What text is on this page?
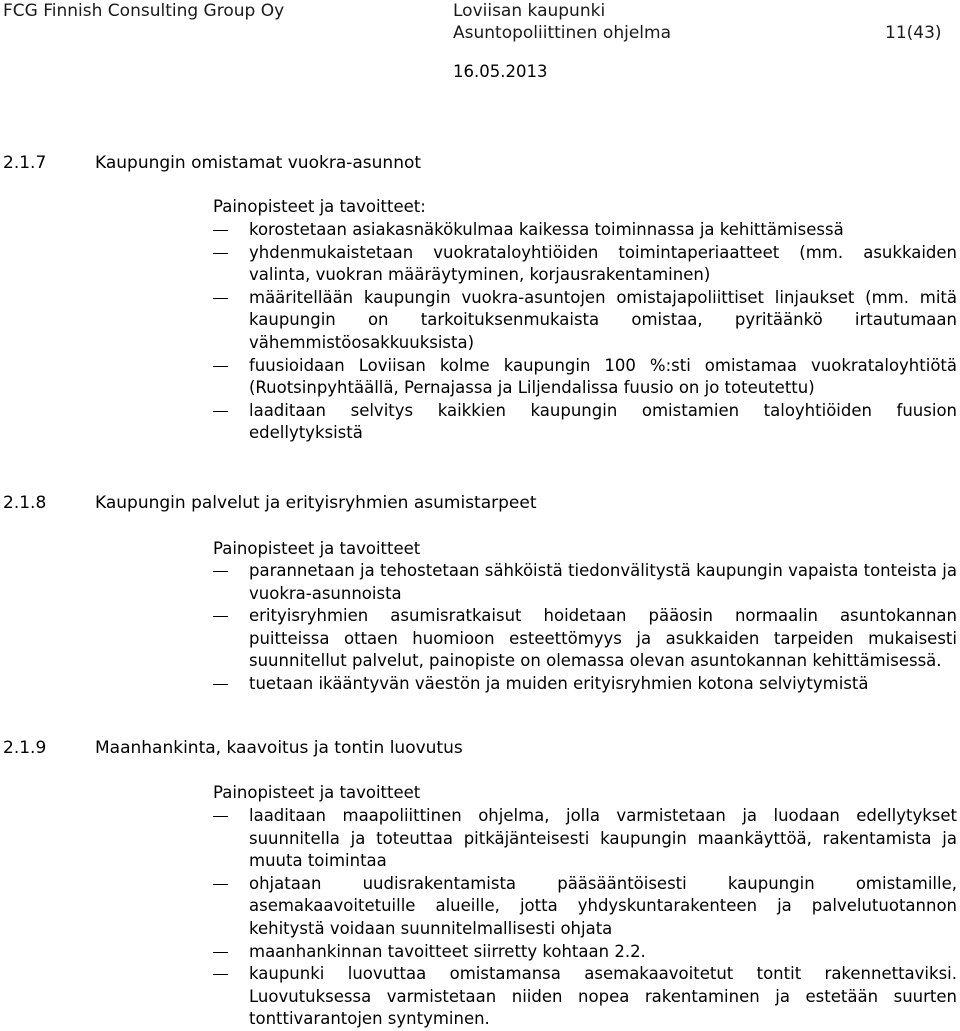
FCG Finnish Consulting Group Oy	Loviisan kaupunki
Asuntopoliittinen ohjelma	11(43)
16.05.2013
2.1.7	Kaupungin omistamat vuokra-asunnot
Painopisteet ja tavoitteet:
korostetaan asiakasnäkökulmaa kaikessa toiminnassa ja kehittämisessä
yhdenmukaistetaan vuokrataloyhtiöiden toimintaperiaatteet (mm. asukkaiden valinta, vuokran määräytyminen, korjausrakentaminen)
määritellään kaupungin vuokra-asuntojen omistajapoliittiset linjaukset (mm. mitä kaupungin on tarkoituksenmukaista omistaa, pyritäänkö irtautumaan vähemmistöosakkuuksista)
fuusioidaan Loviisan kolme kaupungin 100 %:sti omistamaa vuokrataloyhtiötä (Ruotsinpyhtäällä, Pernajassa ja Liljendalissa fuusio on jo toteutettu)
laaditaan selvitys kaikkien kaupungin omistamien taloyhtiöiden fuusion edellytyksistä
2.1.8	Kaupungin palvelut ja erityisryhmien asumistarpeet
Painopisteet ja tavoitteet
parannetaan ja tehostetaan sähköistä tiedonvälitystä kaupungin vapaista tonteista ja vuokra-asunnoista
erityisryhmien asumisratkaisut hoidetaan pääosin normaalin asuntokannan puitteissa ottaen huomioon esteettömyys ja asukkaiden tarpeiden mukaisesti suunnitellut palvelut, painopiste on olemassa olevan asuntokannan kehittämisessä.
tuetaan ikääntyvän väestön ja muiden erityisryhmien kotona selviytymistä
2.1.9	Maanhankinta, kaavoitus ja tontin luovutus
Painopisteet ja tavoitteet
laaditaan maapoliittinen ohjelma, jolla varmistetaan ja luodaan edellytykset suunnitella ja toteuttaa pitkäjänteisesti kaupungin maankäyttöä, rakentamista ja muuta toimintaa
ohjataan uudisrakentamista pääsääntöisesti kaupungin omistamille, asemakaavoitetuille alueille, jotta yhdyskuntarakenteen ja palvelutuotannon kehitystä voidaan suunnitelmallisesti ohjata
maanhankinnan tavoitteet siirretty kohtaan 2.2.
kaupunki luovuttaa omistamansa asemakaavoitetut tontit rakennettaviksi. Luovutuksessa varmistetaan niiden nopea rakentaminen ja estetään suurten tonttivarantojen syntyminen.
